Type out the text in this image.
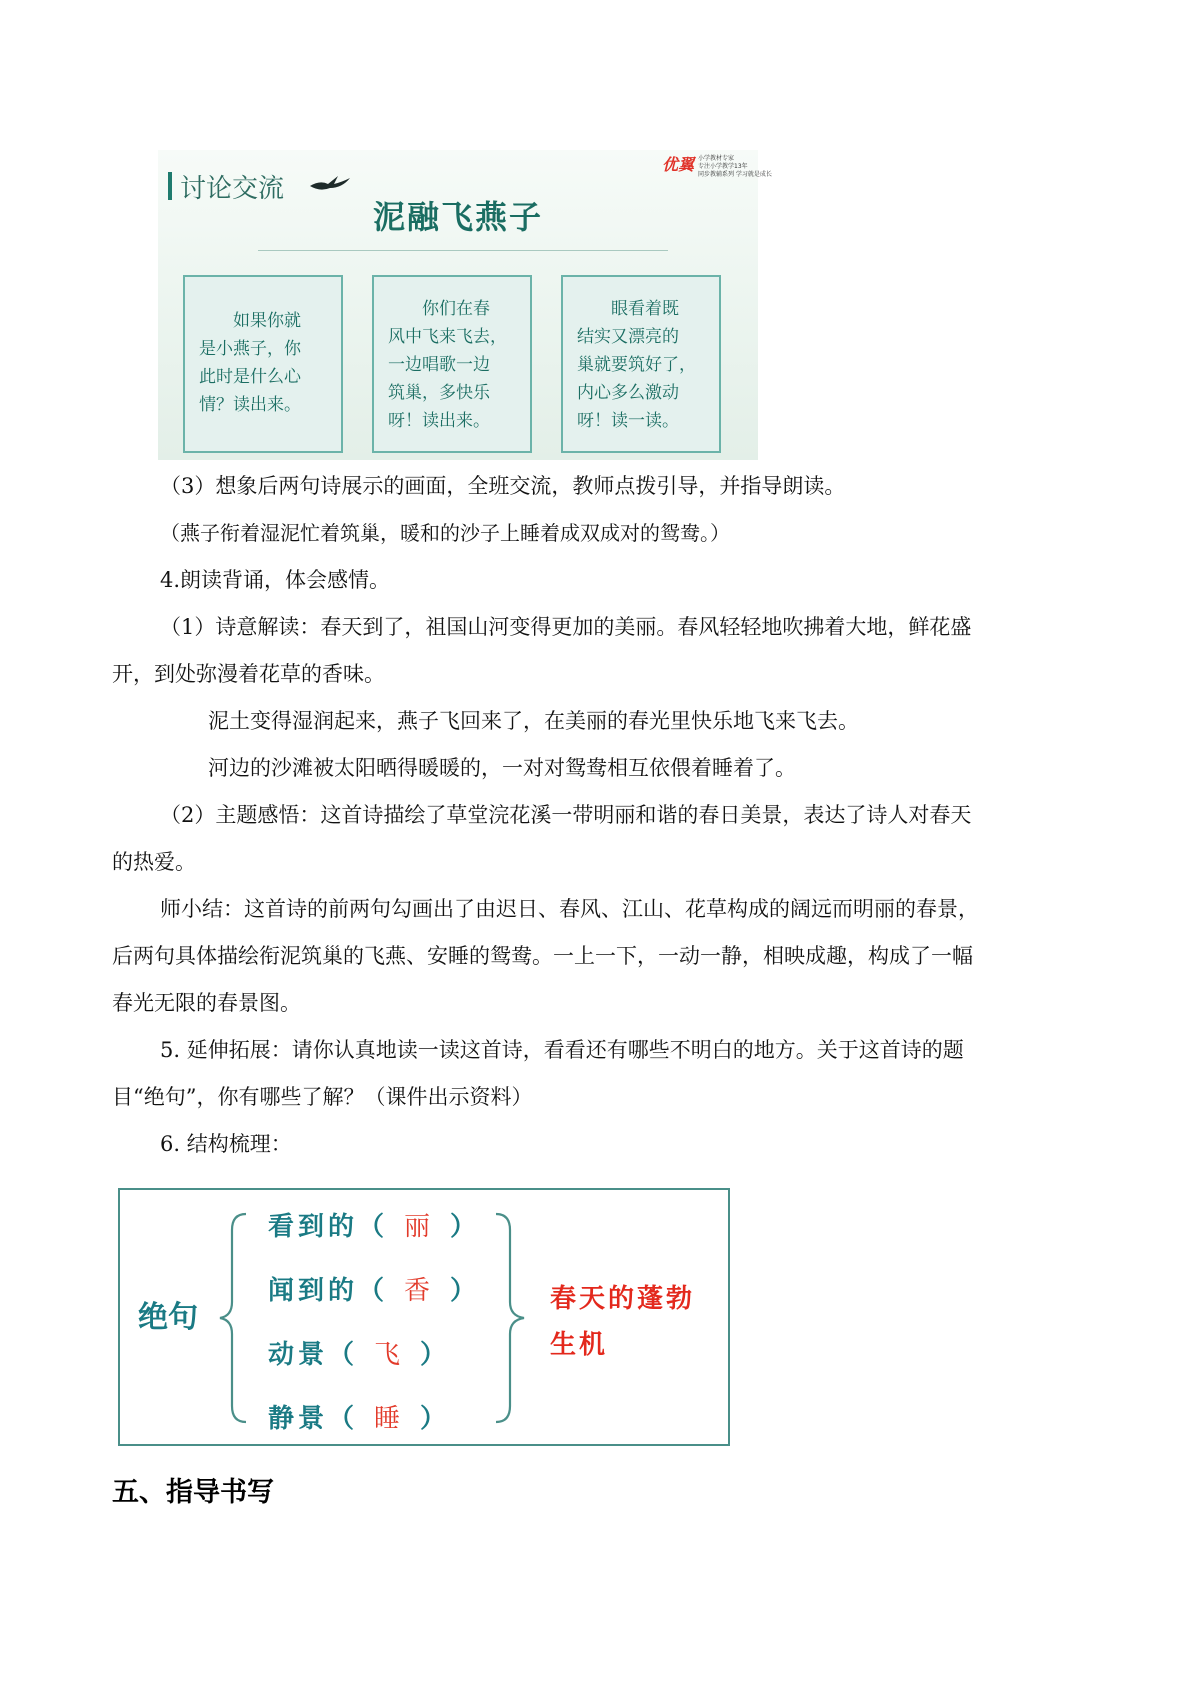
讨论交流
优翼 小学教材专家
专注小学教学13年
同步教辅系列 学习就是成长
泥融飞燕子
如果你就
是小燕子，你
此时是什么心
情？读出来。
你们在春
风中飞来飞去，
一边唱歌一边
筑巢，多快乐
呀！读出来。
眼看着既
结实又漂亮的
巢就要筑好了，
内心多么激动
呀！读一读。
（3）想象后两句诗展示的画面，全班交流，教师点拨引导，并指导朗读。
（燕子衔着湿泥忙着筑巢，暖和的沙子上睡着成双成对的鸳鸯。）
4.朗读背诵，体会感情。
（1）诗意解读：春天到了，祖国山河变得更加的美丽。春风轻轻地吹拂着大地，鲜花盛
开，到处弥漫着花草的香味。
泥土变得湿润起来，燕子飞回来了，在美丽的春光里快乐地飞来飞去。
河边的沙滩被太阳晒得暖暖的，一对对鸳鸯相互依偎着睡着了。
（2）主题感悟：这首诗描绘了草堂浣花溪一带明丽和谐的春日美景，表达了诗人对春天
的热爱。
师小结：这首诗的前两句勾画出了由迟日、春风、江山、花草构成的阔远而明丽的春景，
后两句具体描绘衔泥筑巢的飞燕、安睡的鸳鸯。一上一下，一动一静，相映成趣，构成了一幅
春光无限的春景图。
5. 延伸拓展：请你认真地读一读这首诗，看看还有哪些不明白的地方。关于这首诗的题
目“绝句”，你有哪些了解？（课件出示资料）
6. 结构梳理：
绝句
看到的（ 丽 ）
闻到的（ 香 ）
动景（ 飞 ）
静景（ 睡 ）
春天的蓬勃
生机
五、指导书写
